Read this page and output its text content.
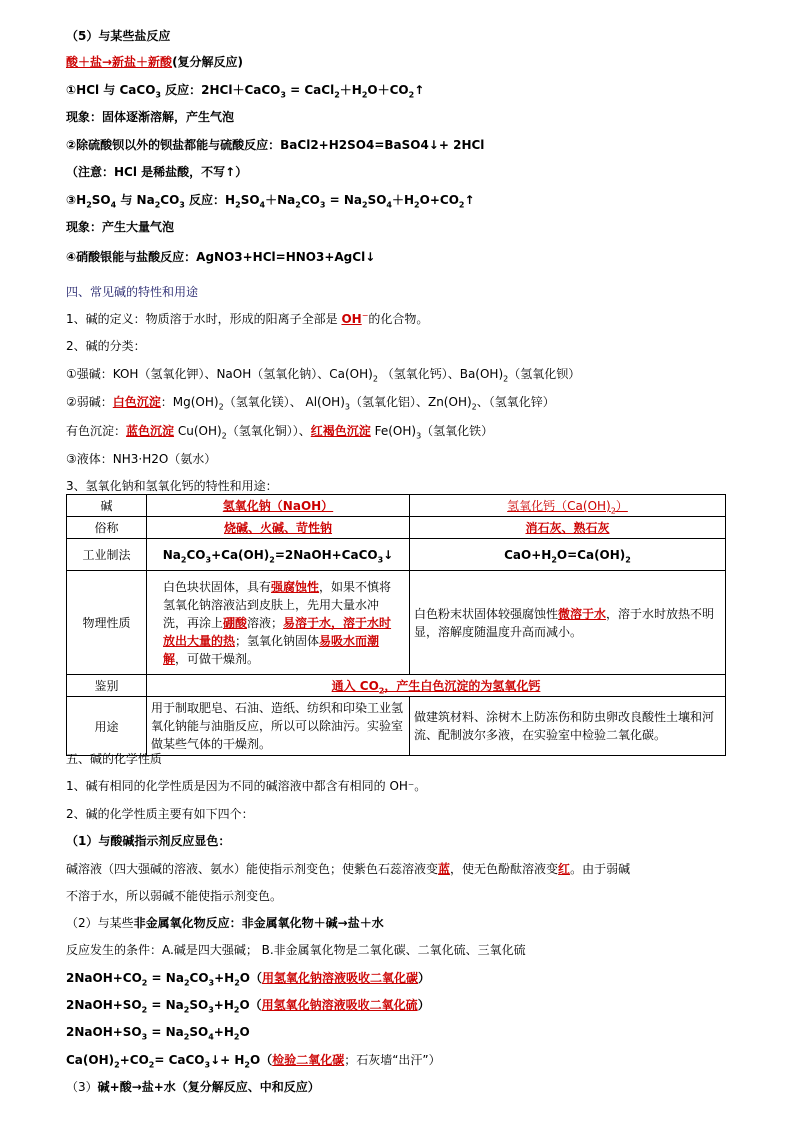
（5）与某些盐反应
酸＋盐→新盐＋新酸(复分解反应)
①HCl 与 CaCO$_3$ 反应：2HCl＋CaCO$_3$ = $CaCl_2+H_2O+CO_2↑$
现象：固体逐渐溶解，产生气泡
②除硫酸钡以外的钡盐都能与硫酸反应：BaCl2+H2SO4=BaSO4↓+ 2HCl
（注意：HCl 是稀盐酸，不写↑）
$③H_2SO_4$ 与 $Na_2CO_3$ 反应：$H_2SO_4+Na_2CO_3$ = $Na_2SO_4+H_2O+CO_2↑$
现象：产生大量气泡
④硝酸银能与盐酸反应：AgNO3+HCl=HNO3+AgCl↓
四、常见碱的特性和用途
1、碱的定义：物质溶于水时，形成的阳离子全部是 OH−的化合物。
2、碱的分类：
①强碱：KOH（氢氧化钾）、NaOH（氢氧化钠）、$Ca(OH)_2$ （氢氧化钙）、$Ba(OH)_2$（氢氧化钡）
②弱碱：白色沉淀：$Mg(OH)_2$（氢氧化镁）、 $Al(OH)_3$（氢氧化铝）、$Zn(OH)_2$、（氢氧化锌）
有色沉淀：蓝色沉淀 $Cu(OH)_2$（氢氧化铜））、红褐色沉淀 $Fe(OH)_3$（氢氧化铁）
③液体：NH3·H2O（氨水）
3、氢氧化钠和氢氧化钙的特性和用途：
碱	氢氧化钠（NaOH）	氢氧化钙$(Ca(OH)_2)$
俗称	烧碱、火碱、苛性钠	消石灰、熟石灰
工业制法	$Na_2CO_3+Ca(OH)_2=2NaOH+CaCO_3↓$	$CaO+H_2O=Ca(OH)_2$
物理性质	白色块状固体，具有强腐蚀性，如果不慎将氢氧化钠溶液沾到皮肤上，先用大量水冲洗，再涂上硼酸溶液；易溶于水，溶于水时放出大量的热；氢氧化钠固体易吸水而潮解，可做干燥剂。	白色粉末状固体较强腐蚀性微溶于水，溶于水时放热不明显，溶解度随温度升高而减小。
鉴别	通入 $CO_2$，产生白色沉淀的为氢氧化钙	
用途	用于制取肥皂、石油、造纸、纺织和印染工业氢氧化钠能与油脂反应，所以可以除油污。实验室做某些气体的干燥剂。	做建筑材料、涂树木上防冻伤和防虫卵改良酸性土壤和河流、配制波尔多液，在实验室中检验二氧化碳。
五、碱的化学性质
1、碱有相同的化学性质是因为不同的碱溶液中都含有相同的 OH⁻。
2、碱的化学性质主要有如下四个：
（1）与酸碱指示剂反应显色：
碱溶液（四大强碱的溶液、氨水）能使指示剂变色；使紫色石蕊溶液变蓝，使无色酚酞溶液变红。由于弱碱
不溶于水，所以弱碱不能使指示剂变色。
（2）与某些非金属氧化物反应：非金属氧化物＋碱→盐＋水
反应发生的条件：A.碱是四大强碱； B.非金属氧化物是二氧化碳、二氧化硫、三氧化硫
$2NaOH+CO_2 = Na_2CO_3+H_2O$（用氢氧化钠溶液吸收二氧化碳）
$2NaOH+SO_2 = Na_2SO_3+H_2O$（用氢氧化钠溶液吸收二氧化硫）
$2NaOH+SO_3 = Na_2SO_4+H_2O$
$Ca(OH)_2+CO_2=$ CaCO$_3$↓+ $H_2O$（检验二氧化碳；石灰墙“出汗”）
（3）碱+酸→盐+水（复分解反应、中和反应）
